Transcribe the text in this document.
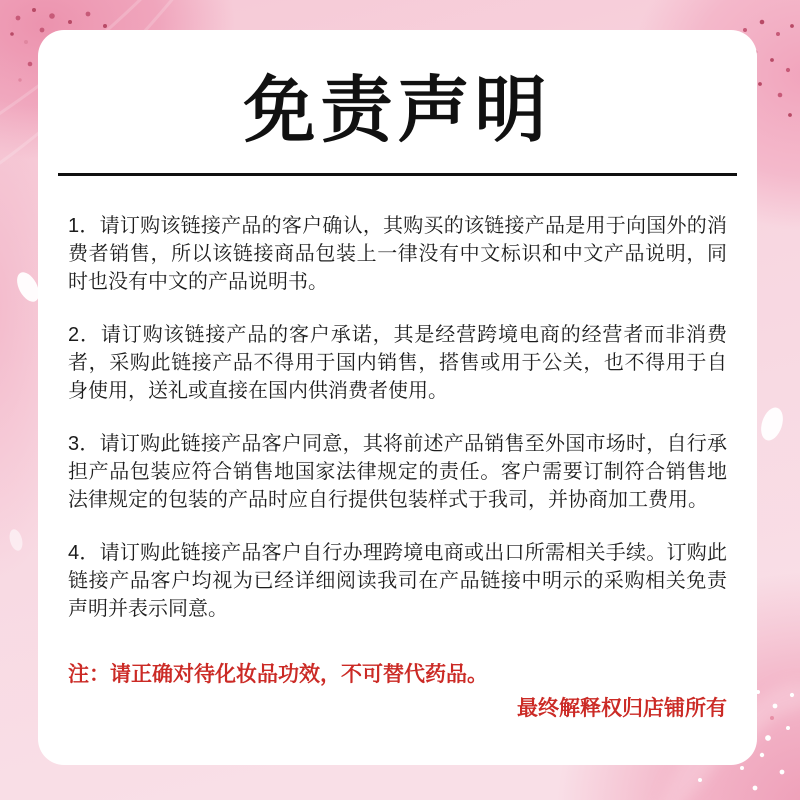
免责声明

1．请订购该链接产品的客户确认，其购买的该链接产品是用于向国外的消费者销售，所以该链接商品包装上一律没有中文标识和中文产品说明，同时也没有中文的产品说明书。

2．请订购该链接产品的客户承诺，其是经营跨境电商的经营者而非消费者，采购此链接产品不得用于国内销售，搭售或用于公关，也不得用于自身使用，送礼或直接在国内供消费者使用。

3．请订购此链接产品客户同意，其将前述产品销售至外国市场时，自行承担产品包装应符合销售地国家法律规定的责任。客户需要订制符合销售地法律规定的包装的产品时应自行提供包装样式于我司，并协商加工费用。

4．请订购此链接产品客户自行办理跨境电商或出口所需相关手续。订购此链接产品客户均视为已经详细阅读我司在产品链接中明示的采购相关免责声明并表示同意。

注：请正确对待化妆品功效，不可替代药品。
最终解释权归店铺所有
